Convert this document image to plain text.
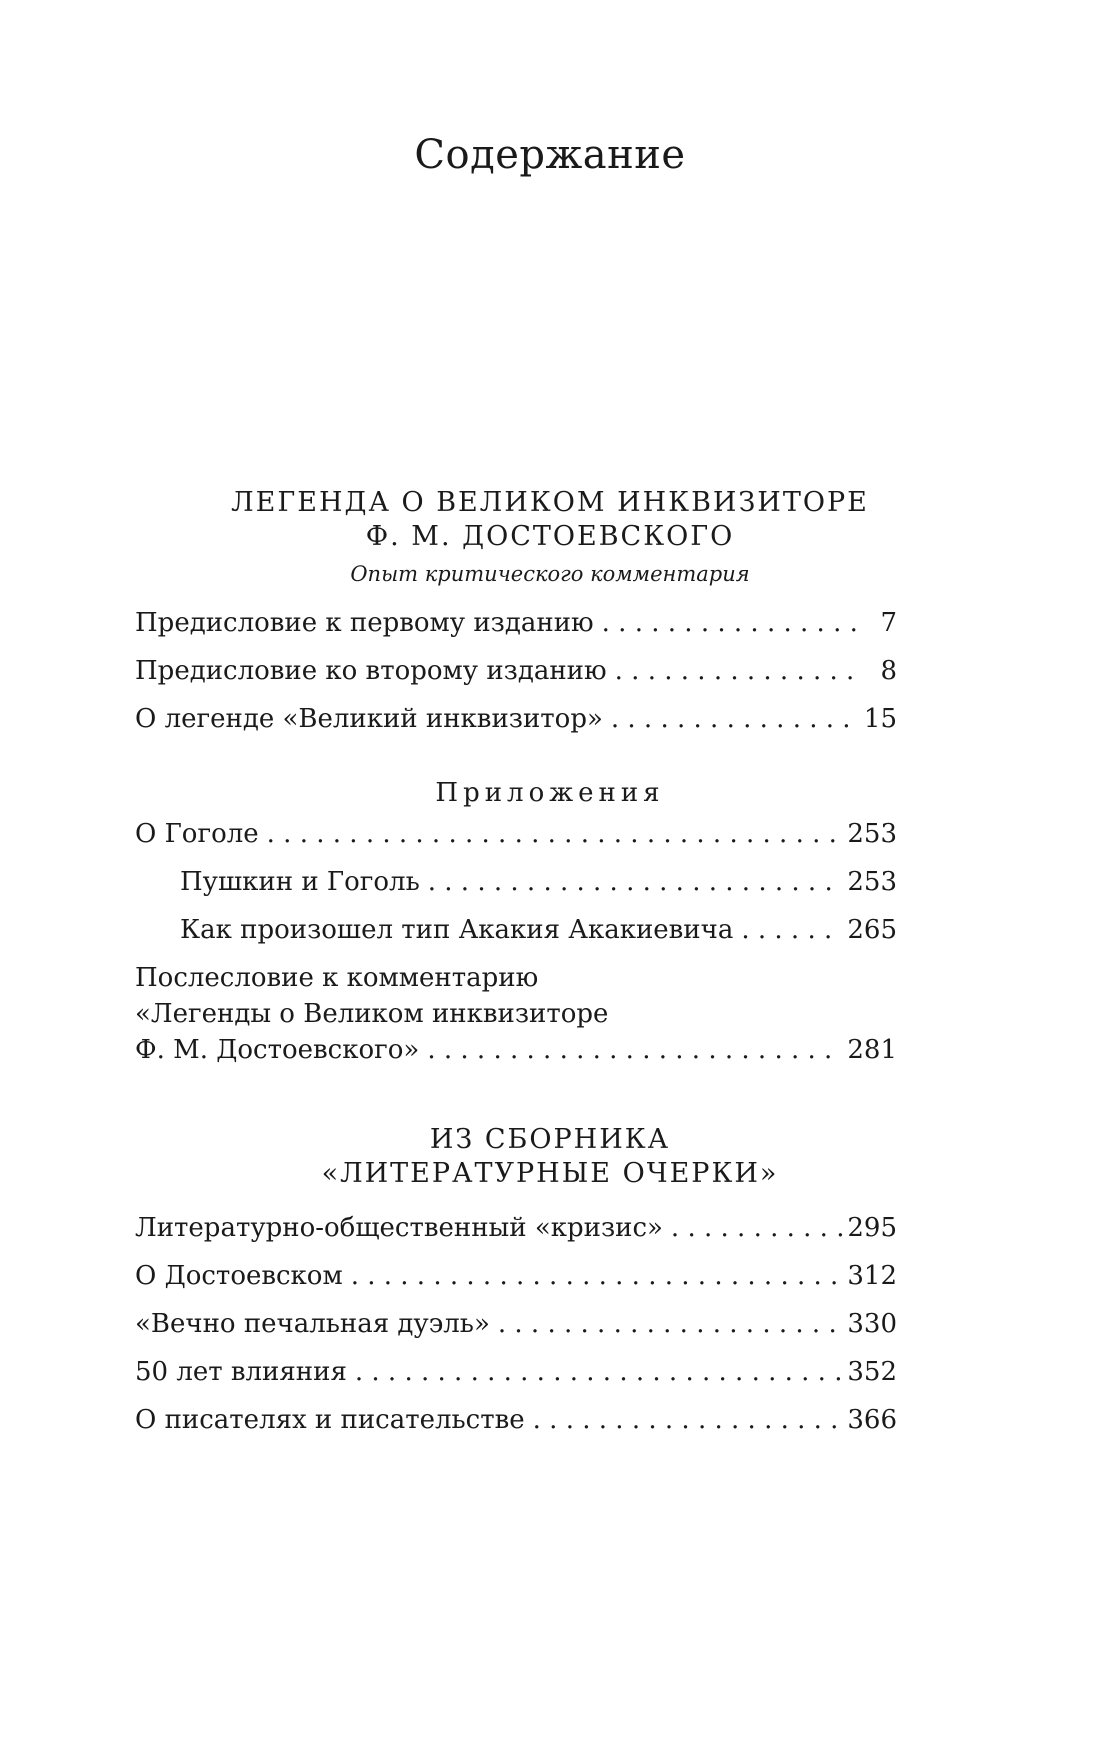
Содержание
ЛЕГЕНДА О ВЕЛИКОМ ИНКВИЗИТОРЕ
Ф. М. ДОСТОЕВСКОГО
Опыт критического комментария
Предисловие к первому изданию . . .	7
Предисловие ко второму изданию . . .	8
О легенде «Великий инквизитор» . . .	15
Приложения
О Гоголе . . .	253
Пушкин и Гоголь . . .	253
Как произошел тип Акакия Акакиевича . . .	265
Послесловие к комментарию
«Легенды о Великом инквизиторе
Ф. М. Достоевского» . . .	281
ИЗ СБОРНИКА
«ЛИТЕРАТУРНЫЕ ОЧЕРКИ»
Литературно-общественный «кризис» . . .	295
О Достоевском . . .	312
«Вечно печальная дуэль» . . .	330
50 лет влияния . . .	352
О писателях и писательстве . . .	366
